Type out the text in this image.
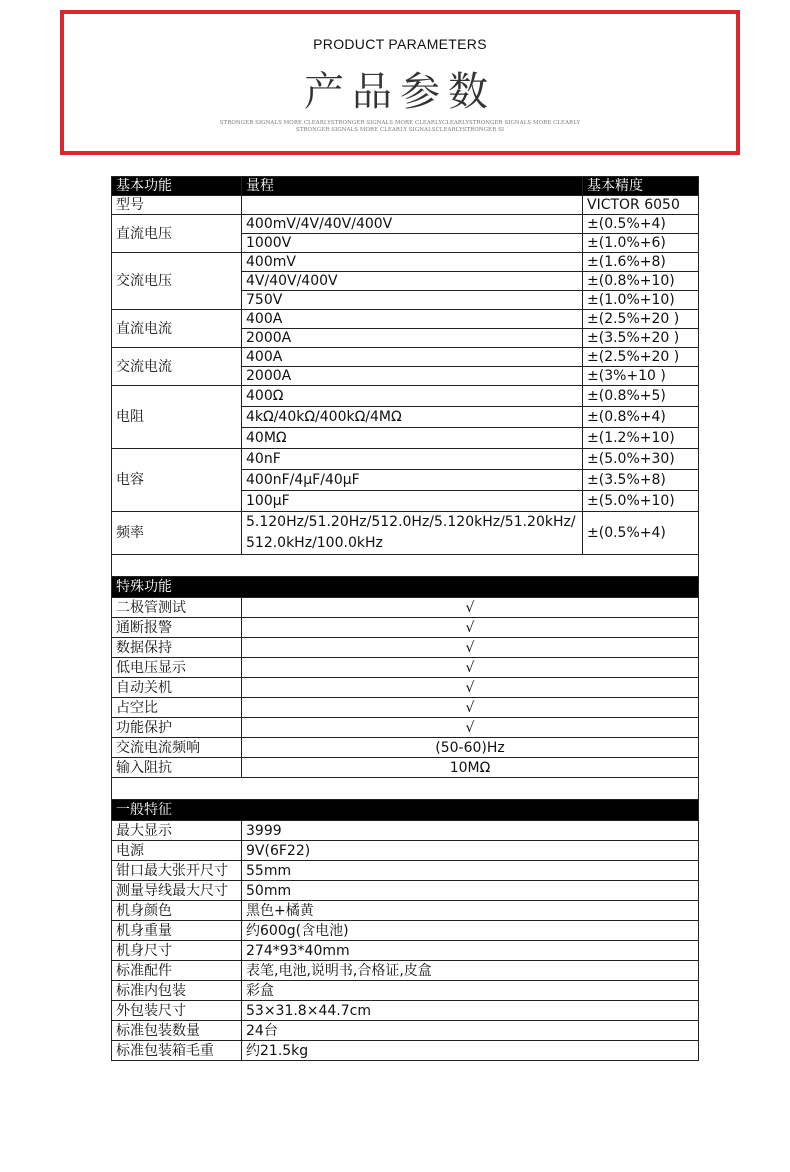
PRODUCT PARAMETERS
产品参数
STRONGER SIGNALS MORE CLEARLYSTRONGER SIGNALS MORE CLEARLYCLEARLYSTRONGER SIGNALS MORE CLEARLY
STRONGER SIGNALS MORE CLEARLY SIGNALSCLEARLYSTRONGER SI
基本功能	量程	基本精度
型号		VICTOR 6050
直流电压	400mV/4V/40V/400V	±(0.5%+4)
	1000V	±(1.0%+6)
交流电压	400mV	±(1.6%+8)
	4V/40V/400V	±(0.8%+10)
	750V	±(1.0%+10)
直流电流	400A	±(2.5%+20 )
	2000A	±(3.5%+20 )
交流电流	400A	±(2.5%+20 )
	2000A	±(3%+10 )
电阻	400Ω	±(0.8%+5)
	4kΩ/40kΩ/400kΩ/4MΩ	±(0.8%+4)
	40MΩ	±(1.2%+10)
电容	40nF	±(5.0%+30)
	400nF/4μF/40μF	±(3.5%+8)
	100μF	±(5.0%+10)
频率	5.120Hz/51.20Hz/512.0Hz/5.120kHz/51.20kHz/512.0kHz/100.0kHz	±(0.5%+4)

特殊功能		
二极管测试	√	
通断报警	√	
数据保持	√	
低电压显示	√	
自动关机	√	
占空比	√	
功能保护	√	
交流电流频响	(50-60)Hz	
输入阻抗	10MΩ	

一般特征		
最大显示	3999	
电源	9V(6F22)	
钳口最大张开尺寸	55mm	
测量导线最大尺寸	50mm	
机身颜色	黑色+橘黄	
机身重量	约600g(含电池)	
机身尺寸	274*93*40mm	
标准配件	表笔,电池,说明书,合格证,皮盒	
标准内包装	彩盒	
外包装尺寸	53×31.8×44.7cm	
标准包装数量	24台	
标准包装箱毛重	约21.5kg	
